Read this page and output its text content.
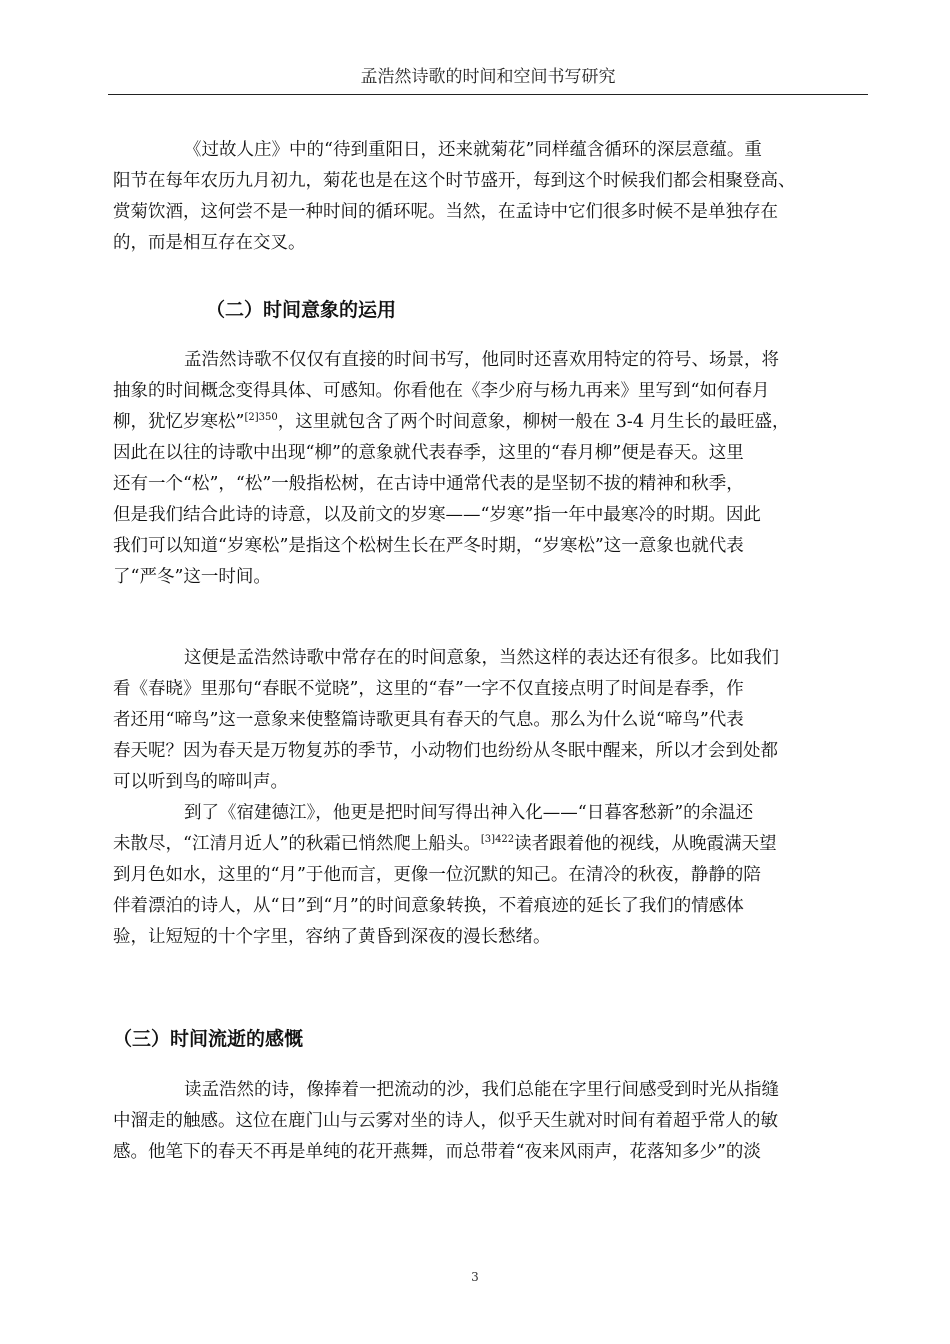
孟浩然诗歌的时间和空间书写研究
《过故人庄》中的“待到重阳日，还来就菊花”同样蕴含循环的深层意蕴。重
阳节在每年农历九月初九，菊花也是在这个时节盛开，每到这个时候我们都会相聚登高、
赏菊饮酒，这何尝不是一种时间的循环呢。当然，在孟诗中它们很多时候不是单独存在
的，而是相互存在交叉。
（二）时间意象的运用
孟浩然诗歌不仅仅有直接的时间书写，他同时还喜欢用特定的符号、场景，将
抽象的时间概念变得具体、可感知。你看他在《李少府与杨九再来》里写到“如何春月
柳，犹忆岁寒松”$^{[2]350}$，这里就包含了两个时间意象，柳树一般在 3-4 月生长的最旺盛，
因此在以往的诗歌中出现“柳”的意象就代表春季，这里的“春月柳”便是春天。这里
还有一个“松”，“松”一般指松树，在古诗中通常代表的是坚韧不拔的精神和秋季，
但是我们结合此诗的诗意，以及前文的岁寒——“岁寒”指一年中最寒冷的时期。因此
我们可以知道“岁寒松”是指这个松树生长在严冬时期，“岁寒松”这一意象也就代表
了“严冬”这一时间。
这便是孟浩然诗歌中常存在的时间意象，当然这样的表达还有很多。比如我们
看《春晓》里那句“春眠不觉晓”，这里的“春”一字不仅直接点明了时间是春季，作
者还用“啼鸟”这一意象来使整篇诗歌更具有春天的气息。那么为什么说“啼鸟”代表
春天呢？因为春天是万物复苏的季节，小动物们也纷纷从冬眠中醒来，所以才会到处都
可以听到鸟的啼叫声。
到了《宿建德江》，他更是把时间写得出神入化——“日暮客愁新”的余温还
未散尽，“江清月近人”的秋霜已悄然爬上船头。$^{[3]422}$读者跟着他的视线，从晚霞满天望
到月色如水，这里的“月”于他而言，更像一位沉默的知己。在清冷的秋夜，静静的陪
伴着漂泊的诗人，从“日”到“月”的时间意象转换，不着痕迹的延长了我们的情感体
验，让短短的十个字里，容纳了黄昏到深夜的漫长愁绪。
（三）时间流逝的感慨
读孟浩然的诗，像捧着一把流动的沙，我们总能在字里行间感受到时光从指缝
中溜走的触感。这位在鹿门山与云雾对坐的诗人，似乎天生就对时间有着超乎常人的敏
感。他笔下的春天不再是单纯的花开燕舞，而总带着“夜来风雨声，花落知多少”的淡
3
